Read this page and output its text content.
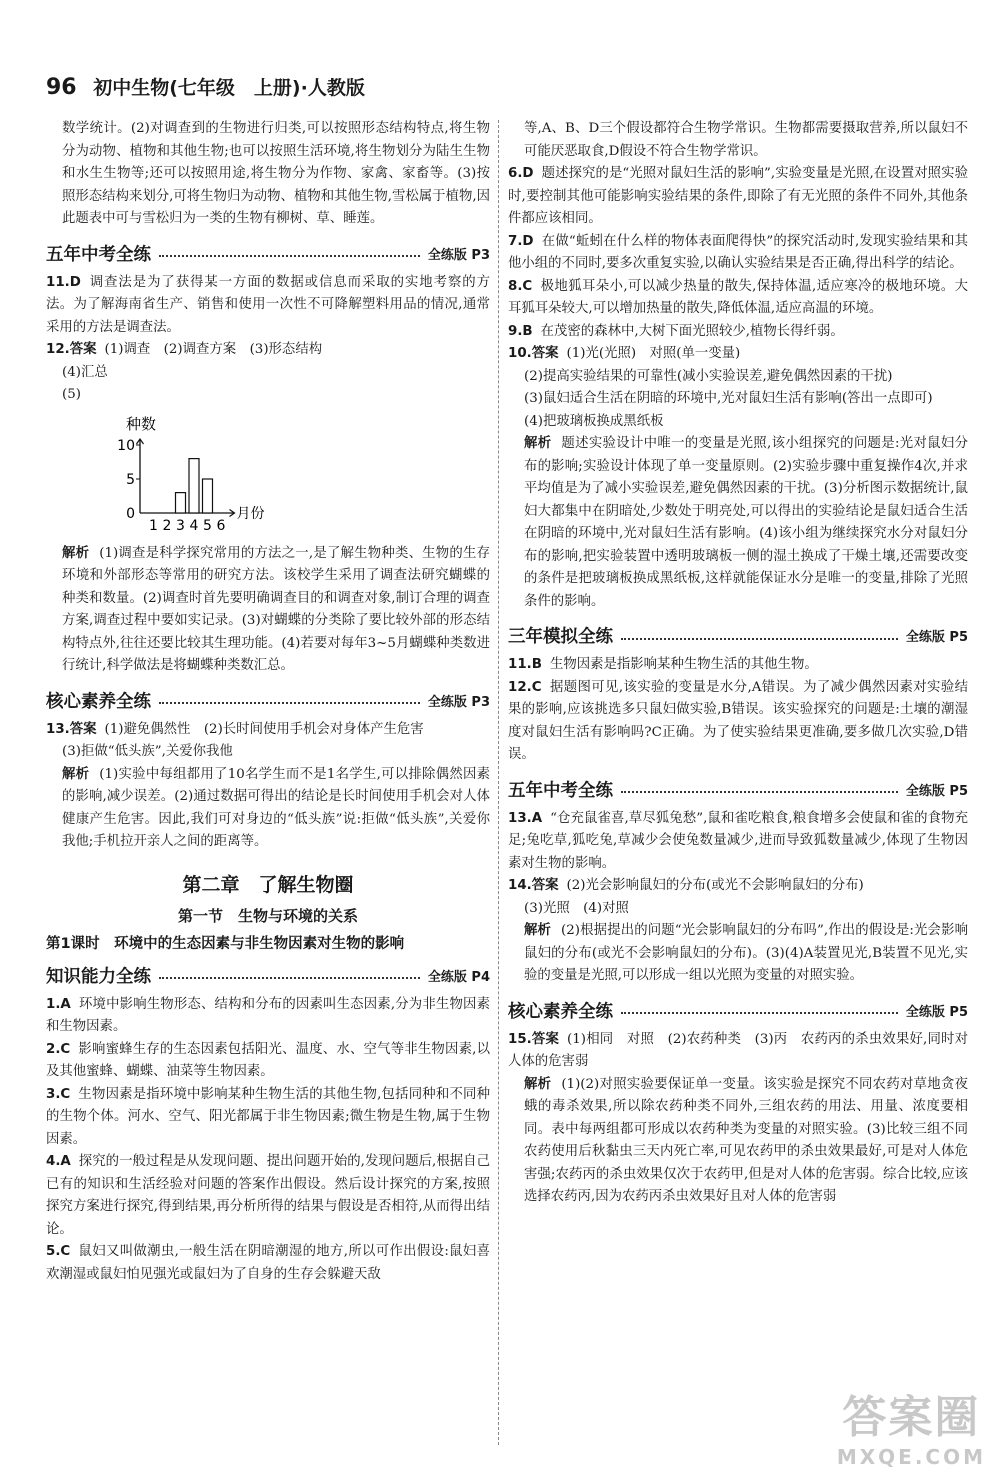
96 初中生物(七年级　上册)·人教版

数学统计。(2)对调查到的生物进行归类,可以按照形态结构特点,将生物分为动物、植物和其他生物;也可以按照生活环境,将生物划分为陆生生物和水生生物等;还可以按照用途,将生物分为作物、家禽、家畜等。(3)按照形态结构来划分,可将生物归为动物、植物和其他生物,雪松属于植物,因此题表中可与雪松归为一类的生物有柳树、草、睡莲。

五年中考全练	全练版 P3

11.D 调查法是为了获得某一方面的数据或信息而采取的实地考察的方法。为了解海南省生产、销售和使用一次性不可降解塑料用品的情况,通常采用的方法是调查法。

12.答案 (1)调查　(2)调查方案　(3)形态结构

(4)汇总

(5)

种数
月份
0
5
10
1 2 3 4 5 6

解析 (1)调查是科学探究常用的方法之一,是了解生物种类、生物的生存环境和外部形态等常用的研究方法。该校学生采用了调查法研究蝴蝶的种类和数量。(2)调查时首先要明确调查目的和调查对象,制订合理的调查方案,调查过程中要如实记录。(3)对蝴蝶的分类除了要比较外部的形态结构特点外,往往还要比较其生理功能。(4)若要对每年3~5月蝴蝶种类数进行统计,科学做法是将蝴蝶种类数汇总。

核心素养全练	全练版 P3

13.答案 (1)避免偶然性　(2)长时间使用手机会对身体产生危害

(3)拒做“低头族”,关爱你我他

解析 (1)实验中每组都用了10名学生而不是1名学生,可以排除偶然因素的影响,减少误差。(2)通过数据可得出的结论是长时间使用手机会对人体健康产生危害。因此,我们可对身边的“低头族”说:拒做“低头族”,关爱你我他;手机拉开亲人之间的距离等。

第二章　了解生物圈
第一节　生物与环境的关系
第1课时　环境中的生态因素与非生物因素对生物的影响
知识能力全练	全练版 P4

1.A 环境中影响生物形态、结构和分布的因素叫生态因素,分为非生物因素和生物因素。

2.C 影响蜜蜂生存的生态因素包括阳光、温度、水、空气等非生物因素,以及其他蜜蜂、蝴蝶、油菜等生物因素。

3.C 生物因素是指环境中影响某种生物生活的其他生物,包括同种和不同种的生物个体。河水、空气、阳光都属于非生物因素;微生物是生物,属于生物因素。

4.A 探究的一般过程是从发现问题、提出问题开始的,发现问题后,根据自己已有的知识和生活经验对问题的答案作出假设。然后设计探究的方案,按照探究方案进行探究,得到结果,再分析所得的结果与假设是否相符,从而得出结论。

5.C 鼠妇又叫做潮虫,一般生活在阴暗潮湿的地方,所以可作出假设:鼠妇喜欢潮湿或鼠妇怕见强光或鼠妇为了自身的生存会躲避天敌

等,A、B、D三个假设都符合生物学常识。生物都需要摄取营养,所以鼠妇不可能厌恶取食,D假设不符合生物学常识。

6.D 题述探究的是“光照对鼠妇生活的影响”,实验变量是光照,在设置对照实验时,要控制其他可能影响实验结果的条件,即除了有无光照的条件不同外,其他条件都应该相同。

7.D 在做“蚯蚓在什么样的物体表面爬得快”的探究活动时,发现实验结果和其他小组的不同时,要多次重复实验,以确认实验结果是否正确,得出科学的结论。

8.C 极地狐耳朵小,可以减少热量的散失,保持体温,适应寒冷的极地环境。大耳狐耳朵较大,可以增加热量的散失,降低体温,适应高温的环境。

9.B 在茂密的森林中,大树下面光照较少,植物长得纤弱。

10.答案 (1)光(光照)　对照(单一变量)

(2)提高实验结果的可靠性(减小实验误差,避免偶然因素的干扰)

(3)鼠妇适合生活在阴暗的环境中,光对鼠妇生活有影响(答出一点即可)

(4)把玻璃板换成黑纸板

解析 题述实验设计中唯一的变量是光照,该小组探究的问题是:光对鼠妇分布的影响;实验设计体现了单一变量原则。(2)实验步骤中重复操作4次,并求平均值是为了减小实验误差,避免偶然因素的干扰。(3)分析图示数据统计,鼠妇大都集中在阴暗处,少数处于明亮处,可以得出的实验结论是鼠妇适合生活在阴暗的环境中,光对鼠妇生活有影响。(4)该小组为继续探究水分对鼠妇分布的影响,把实验装置中透明玻璃板一侧的湿土换成了干燥土壤,还需要改变的条件是把玻璃板换成黑纸板,这样就能保证水分是唯一的变量,排除了光照条件的影响。

三年模拟全练	全练版 P5

11.B 生物因素是指影响某种生物生活的其他生物。

12.C 据题图可见,该实验的变量是水分,A错误。为了减少偶然因素对实验结果的影响,应该挑选多只鼠妇做实验,B错误。该实验探究的问题是:土壤的潮湿度对鼠妇生活有影响吗?C正确。为了使实验结果更准确,要多做几次实验,D错误。

五年中考全练	全练版 P5

13.A “仓充鼠雀喜,草尽狐兔愁”,鼠和雀吃粮食,粮食增多会使鼠和雀的食物充足;兔吃草,狐吃兔,草减少会使兔数量减少,进而导致狐数量减少,体现了生物因素对生物的影响。

14.答案 (2)光会影响鼠妇的分布(或光不会影响鼠妇的分布)

(3)光照　(4)对照

解析 (2)根据提出的问题“光会影响鼠妇的分布吗”,作出的假设是:光会影响鼠妇的分布(或光不会影响鼠妇的分布)。(3)(4)A装置见光,B装置不见光,实验的变量是光照,可以形成一组以光照为变量的对照实验。

核心素养全练	全练版 P5

15.答案 (1)相同　对照　(2)农药种类　(3)丙　农药丙的杀虫效果好,同时对人体的危害弱

解析 (1)(2)对照实验要保证单一变量。该实验是探究不同农药对草地贪夜蛾的毒杀效果,所以除农药种类不同外,三组农药的用法、用量、浓度要相同。表中每两组都可形成以农药种类为变量的对照实验。(3)比较三组不同农药使用后秋黏虫三天内死亡率,可见农药甲的杀虫效果最好,可是对人体危害强;农药丙的杀虫效果仅次于农药甲,但是对人体的危害弱。综合比较,应该选择农药丙,因为农药丙杀虫效果好且对人体的危害弱

答案圈
MXQE.COM
